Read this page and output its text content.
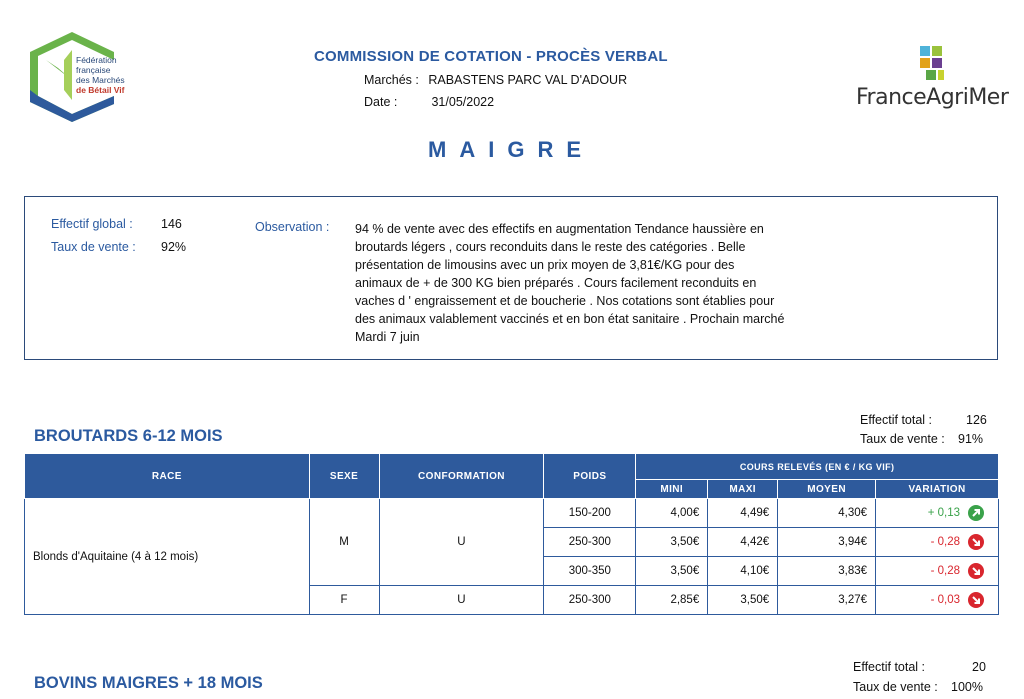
Fédération
française
des Marchés
de Bétail Vif
COMMISSION DE COTATION - PROCÈS VERBAL
Marchés : RABASTENS PARC VAL D'ADOUR
Date :	31/05/2022	FranceAgriMer
MAIGRE
Effectif global : 146
Taux de vente : 92%
Observation : 94 % de vente avec des effectifs en augmentation Tendance haussière en broutards légers , cours reconduits dans le reste des catégories . Belle présentation de limousins avec un prix moyen de 3,81€/KG pour des animaux de + de 300 KG bien préparés . Cours facilement reconduits en vaches d ' engraissement et de boucherie . Nos cotations sont établies pour des animaux valablement vaccinés et en bon état sanitaire . Prochain marché Mardi 7 juin
BROUTARDS 6-12 MOIS
Effectif total :	126
Taux de vente : 91%
RACE	SEXE	CONFORMATION	POIDS	COURS RELEVÉS (EN € / KG VIF)			
				MINI	MAXI	MOYEN	VARIATION
Blonds d'Aquitaine (4 à 12 mois)	M	U	150-200	4,00€	4,49€	4,30€	+ 0,13

			250-300	3,50€	4,42€	3,94€	- 0,28

			300-350	3,50€	4,10€	3,83€	- 0,28

	F	U	250-300	2,85€	3,50€	3,27€	- 0,03
BOVINS MAIGRES + 18 MOIS
Effectif total :	20
Taux de vente : 100%
